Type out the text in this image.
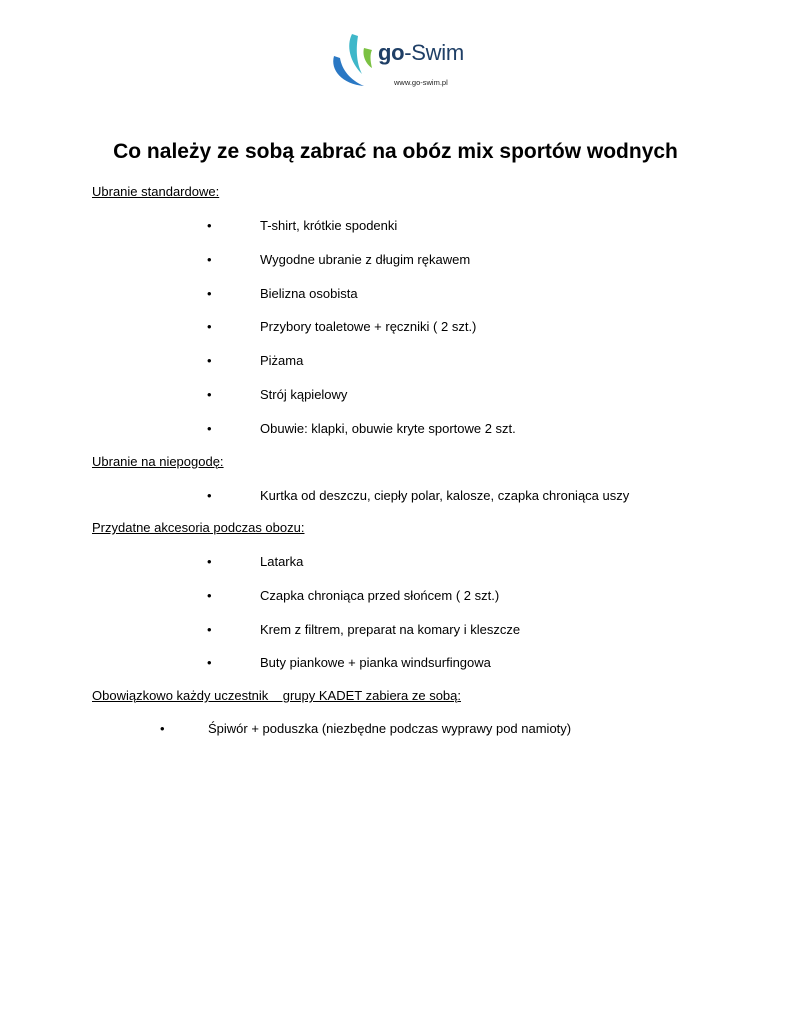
go-Swim
www.go-swim.pl
Co należy ze sobą zabrać na obóz mix sportów wodnych
Ubranie standardowe:
•	T-shirt, krótkie spodenki
•	Wygodne ubranie z długim rękawem
•	Bielizna osobista
•	Przybory toaletowe + ręczniki ( 2 szt.)
•	Piżama
•	Strój kąpielowy
•	Obuwie: klapki, obuwie kryte sportowe 2 szt.
Ubranie na niepogodę:
•	Kurtka od deszczu, ciepły polar, kalosze, czapka chroniąca uszy
Przydatne akcesoria podczas obozu:
•	Latarka
•	Czapka chroniąca przed słońcem ( 2 szt.)
•	Krem z filtrem, preparat na komary i kleszcze
•	Buty piankowe + pianka windsurfingowa
Obowiązkowo każdy uczestnik    grupy KADET zabiera ze sobą:
•	Śpiwór + poduszka (niezbędne podczas wyprawy pod namioty)
